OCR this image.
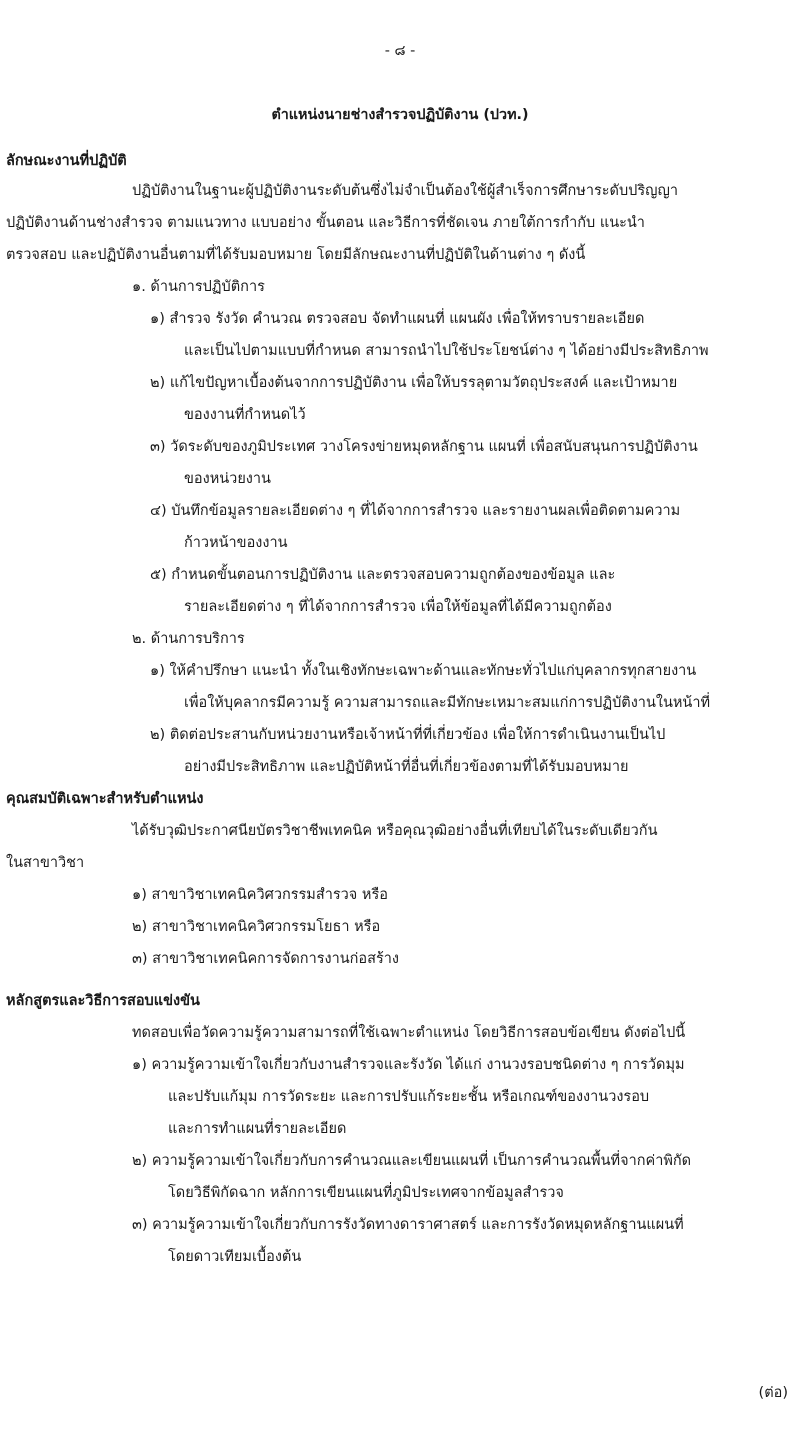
- ๘ -
ตำแหน่งนายช่างสำรวจปฏิบัติงาน (ปวท.)
ลักษณะงานที่ปฏิบัติ
ปฏิบัติงานในฐานะผู้ปฏิบัติงานระดับต้นซึ่งไม่จำเป็นต้องใช้ผู้สำเร็จการศึกษาระดับปริญญา
ปฏิบัติงานด้านช่างสำรวจ ตามแนวทาง แบบอย่าง ขั้นตอน และวิธีการที่ชัดเจน ภายใต้การกำกับ แนะนำ
ตรวจสอบ และปฏิบัติงานอื่นตามที่ได้รับมอบหมาย โดยมีลักษณะงานที่ปฏิบัติในด้านต่าง ๆ ดังนี้
๑. ด้านการปฏิบัติการ
๑) สำรวจ รังวัด คำนวณ ตรวจสอบ จัดทำแผนที่ แผนผัง เพื่อให้ทราบรายละเอียด
และเป็นไปตามแบบที่กำหนด สามารถนำไปใช้ประโยชน์ต่าง ๆ ได้อย่างมีประสิทธิภาพ
๒) แก้ไขปัญหาเบื้องต้นจากการปฏิบัติงาน เพื่อให้บรรลุตามวัตถุประสงค์ และเป้าหมาย
ของงานที่กำหนดไว้
๓) วัดระดับของภูมิประเทศ วางโครงข่ายหมุดหลักฐาน แผนที่ เพื่อสนับสนุนการปฏิบัติงาน
ของหน่วยงาน
๔) บันทึกข้อมูลรายละเอียดต่าง ๆ ที่ได้จากการสำรวจ และรายงานผลเพื่อติดตามความ
ก้าวหน้าของงาน
๕) กำหนดขั้นตอนการปฏิบัติงาน และตรวจสอบความถูกต้องของข้อมูล และ
รายละเอียดต่าง ๆ ที่ได้จากการสำรวจ เพื่อให้ข้อมูลที่ได้มีความถูกต้อง
๒. ด้านการบริการ
๑) ให้คำปรึกษา แนะนำ ทั้งในเชิงทักษะเฉพาะด้านและทักษะทั่วไปแก่บุคลากรทุกสายงาน
เพื่อให้บุคลากรมีความรู้ ความสามารถและมีทักษะเหมาะสมแก่การปฏิบัติงานในหน้าที่
๒) ติดต่อประสานกับหน่วยงานหรือเจ้าหน้าที่ที่เกี่ยวข้อง เพื่อให้การดำเนินงานเป็นไป
อย่างมีประสิทธิภาพ และปฏิบัติหน้าที่อื่นที่เกี่ยวข้องตามที่ได้รับมอบหมาย
คุณสมบัติเฉพาะสำหรับตำแหน่ง
ได้รับวุฒิประกาศนียบัตรวิชาชีพเทคนิค หรือคุณวุฒิอย่างอื่นที่เทียบได้ในระดับเดียวกัน
ในสาขาวิชา
๑) สาขาวิชาเทคนิควิศวกรรมสำรวจ หรือ
๒) สาขาวิชาเทคนิควิศวกรรมโยธา หรือ
๓) สาขาวิชาเทคนิคการจัดการงานก่อสร้าง
หลักสูตรและวิธีการสอบแข่งขัน
ทดสอบเพื่อวัดความรู้ความสามารถที่ใช้เฉพาะตำแหน่ง โดยวิธีการสอบข้อเขียน ดังต่อไปนี้
๑) ความรู้ความเข้าใจเกี่ยวกับงานสำรวจและรังวัด ได้แก่ งานวงรอบชนิดต่าง ๆ การวัดมุม
และปรับแก้มุม การวัดระยะ และการปรับแก้ระยะชั้น หรือเกณฑ์ของงานวงรอบ
และการทำแผนที่รายละเอียด
๒) ความรู้ความเข้าใจเกี่ยวกับการคำนวณและเขียนแผนที่ เป็นการคำนวณพื้นที่จากค่าพิกัด
โดยวิธีพิกัดฉาก หลักการเขียนแผนที่ภูมิประเทศจากข้อมูลสำรวจ
๓) ความรู้ความเข้าใจเกี่ยวกับการรังวัดทางดาราศาสตร์ และการรังวัดหมุดหลักฐานแผนที่
โดยดาวเทียมเบื้องต้น
(ต่อ)
